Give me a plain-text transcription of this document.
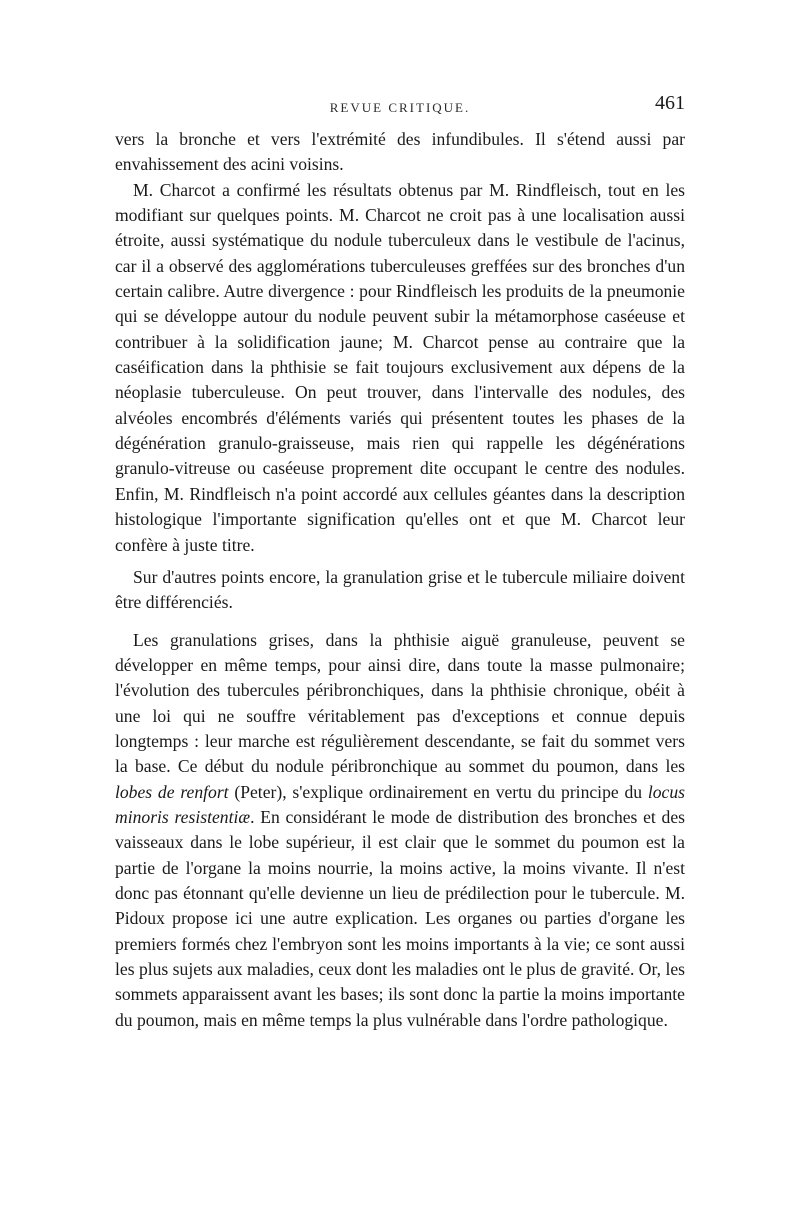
REVUE CRITIQUE.	461

vers la bronche et vers l'extrémité des infundibules. Il s'étend aussi par envahissement des acini voisins.

M. Charcot a confirmé les résultats obtenus par M. Rindfleisch, tout en les modifiant sur quelques points. M. Charcot ne croit pas à une localisation aussi étroite, aussi systématique du nodule tuberculeux dans le vestibule de l'acinus, car il a observé des agglomérations tuberculeuses greffées sur des bronches d'un certain calibre. Autre divergence : pour Rindfleisch les produits de la pneumonie qui se développe autour du nodule peuvent subir la métamorphose caséeuse et contribuer à la solidification jaune; M. Charcot pense au contraire que la caséification dans la phthisie se fait toujours exclusivement aux dépens de la néoplasie tuberculeuse. On peut trouver, dans l'intervalle des nodules, des alvéoles encombrés d'éléments variés qui présentent toutes les phases de la dégénération granulo-graisseuse, mais rien qui rappelle les dégénérations granulo-vitreuse ou caséeuse proprement dite occupant le centre des nodules. Enfin, M. Rindfleisch n'a point accordé aux cellules géantes dans la description histologique l'importante signification qu'elles ont et que M. Charcot leur confère à juste titre.

Sur d'autres points encore, la granulation grise et le tubercule miliaire doivent être différenciés.

Les granulations grises, dans la phthisie aiguë granuleuse, peuvent se développer en même temps, pour ainsi dire, dans toute la masse pulmonaire; l'évolution des tubercules péribronchiques, dans la phthisie chronique, obéit à une loi qui ne souffre véritablement pas d'exceptions et connue depuis longtemps : leur marche est régulièrement descendante, se fait du sommet vers la base. Ce début du nodule péribronchique au sommet du poumon, dans les lobes de renfort (Peter), s'explique ordinairement en vertu du principe du locus minoris resistentiæ. En considérant le mode de distribution des bronches et des vaisseaux dans le lobe supérieur, il est clair que le sommet du poumon est la partie de l'organe la moins nourrie, la moins active, la moins vivante. Il n'est donc pas étonnant qu'elle devienne un lieu de prédilection pour le tubercule. M. Pidoux propose ici une autre explication. Les organes ou parties d'organe les premiers formés chez l'embryon sont les moins importants à la vie; ce sont aussi les plus sujets aux maladies, ceux dont les maladies ont le plus de gravité. Or, les sommets apparaissent avant les bases; ils sont donc la partie la moins importante du poumon, mais en même temps la plus vulnérable dans l'ordre pathologique.
